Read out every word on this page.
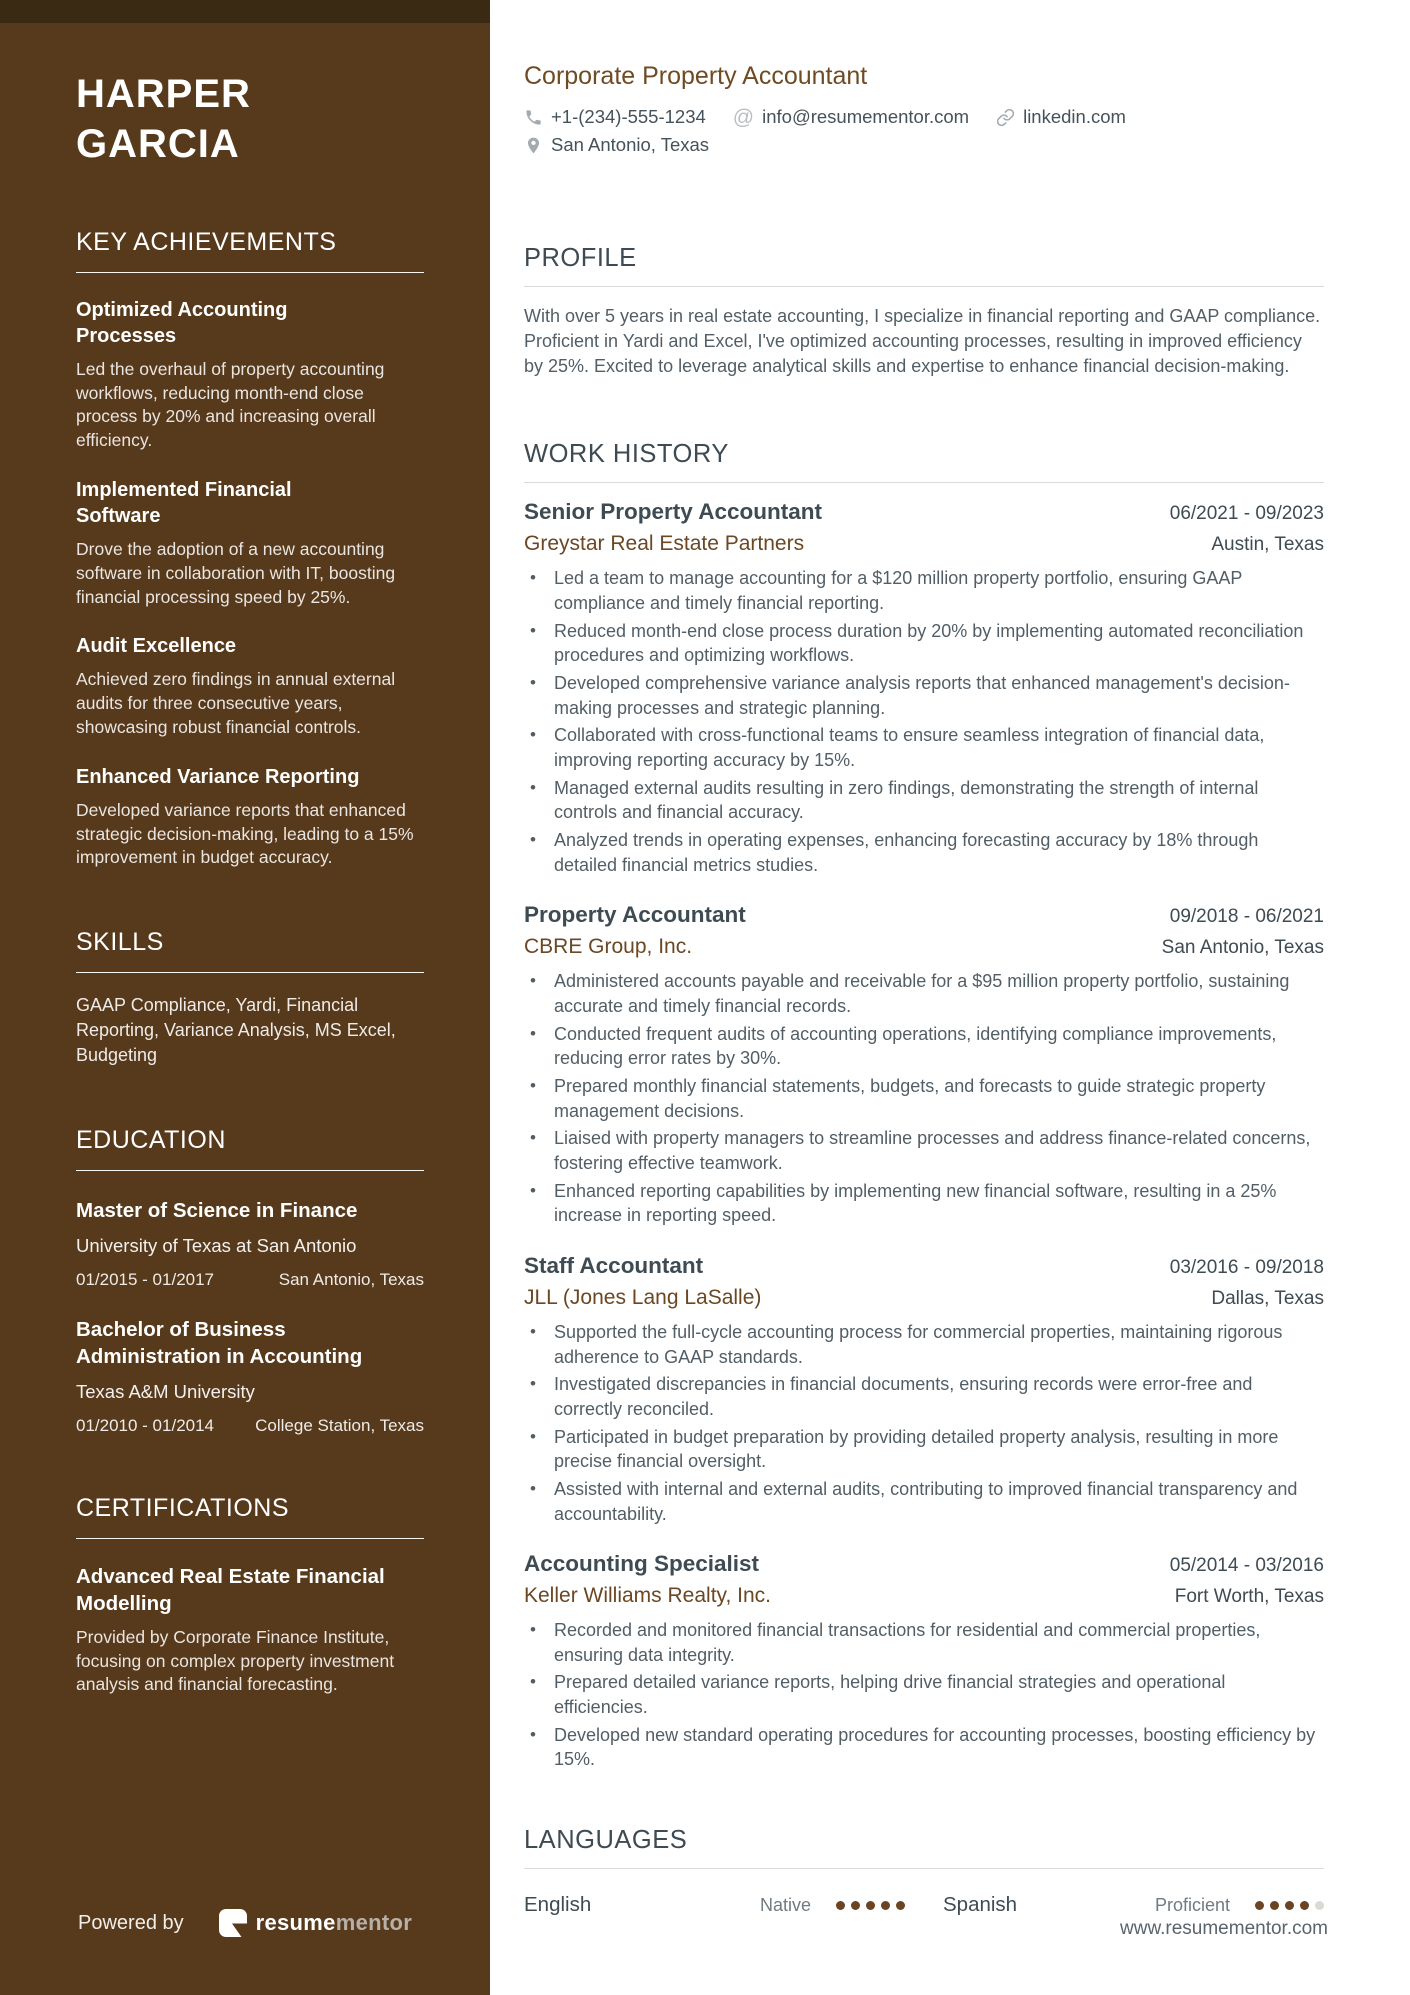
HARPER GARCIA
KEY ACHIEVEMENTS
Optimized Accounting Processes
Led the overhaul of property accounting workflows, reducing month-end close process by 20% and increasing overall efficiency.
Implemented Financial Software
Drove the adoption of a new accounting software in collaboration with IT, boosting financial processing speed by 25%.
Audit Excellence
Achieved zero findings in annual external audits for three consecutive years, showcasing robust financial controls.
Enhanced Variance Reporting
Developed variance reports that enhanced strategic decision-making, leading to a 15% improvement in budget accuracy.
SKILLS
GAAP Compliance, Yardi, Financial Reporting, Variance Analysis, MS Excel, Budgeting
EDUCATION
Master of Science in Finance
University of Texas at San Antonio
01/2015 - 01/2017	San Antonio, Texas
Bachelor of Business Administration in Accounting
Texas A&M University
01/2010 - 01/2014 College Station, Texas
CERTIFICATIONS
Advanced Real Estate Financial Modelling
Provided by Corporate Finance Institute, focusing on complex property investment analysis and financial forecasting.
Corporate Property Accountant
+1-(234)-555-1234 @ info@resumementor.com	linkedin.com
San Antonio, Texas
PROFILE

With over 5 years in real estate accounting, I specialize in financial reporting and GAAP compliance. Proficient in Yardi and Excel, I've optimized accounting processes, resulting in improved efficiency by 25%. Excited to leverage analytical skills and expertise to enhance financial decision-making.

WORK HISTORY
Senior Property Accountant	06/2021 - 09/2023
Greystar Real Estate Partners	Austin, Texas
• Led a team to manage accounting for a $120 million property portfolio, ensuring GAAP compliance and timely financial reporting.
• Reduced month-end close process duration by 20% by implementing automated reconciliation procedures and optimizing workflows.
• Developed comprehensive variance analysis reports that enhanced management's decision-making processes and strategic planning.
• Collaborated with cross-functional teams to ensure seamless integration of financial data, improving reporting accuracy by 15%.
• Managed external audits resulting in zero findings, demonstrating the strength of internal controls and financial accuracy.
• Analyzed trends in operating expenses, enhancing forecasting accuracy by 18% through detailed financial metrics studies.
Property Accountant	09/2018 - 06/2021
CBRE Group, Inc.	San Antonio, Texas
• Administered accounts payable and receivable for a $95 million property portfolio, sustaining accurate and timely financial records.
• Conducted frequent audits of accounting operations, identifying compliance improvements, reducing error rates by 30%.
• Prepared monthly financial statements, budgets, and forecasts to guide strategic property management decisions.
• Liaised with property managers to streamline processes and address finance-related concerns, fostering effective teamwork.
• Enhanced reporting capabilities by implementing new financial software, resulting in a 25% increase in reporting speed.
Staff Accountant	03/2016 - 09/2018
JLL (Jones Lang LaSalle)	Dallas, Texas
• Supported the full-cycle accounting process for commercial properties, maintaining rigorous adherence to GAAP standards.
• Investigated discrepancies in financial documents, ensuring records were error-free and correctly reconciled.
• Participated in budget preparation by providing detailed property analysis, resulting in more precise financial oversight.
• Assisted with internal and external audits, contributing to improved financial transparency and accountability.
Accounting Specialist	05/2014 - 03/2016
Keller Williams Realty, Inc.	Fort Worth, Texas
• Recorded and monitored financial transactions for residential and commercial properties, ensuring data integrity.
• Prepared detailed variance reports, helping drive financial strategies and operational efficiencies.
• Developed new standard operating procedures for accounting processes, boosting efficiency by 15%.
LANGUAGES
English	Native	Spanish	Proficient
Powered by	resumementor	www.resumementor.com
